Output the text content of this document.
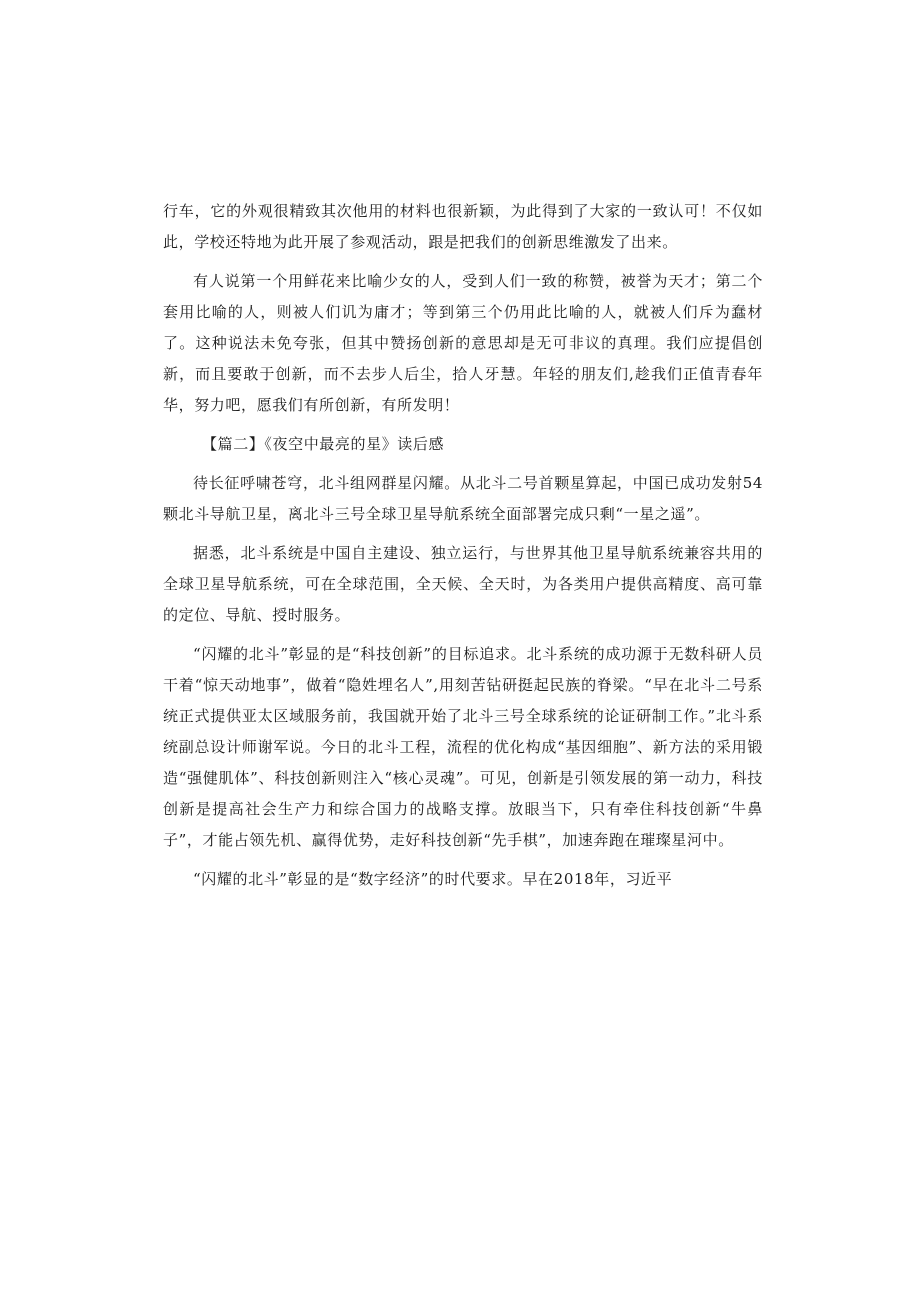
行车，它的外观很精致其次他用的材料也很新颖，为此得到了大家的一致认可！不仅如此，学校还特地为此开展了参观活动，跟是把我们的创新思维激发了出来。

有人说第一个用鲜花来比喻少女的人，受到人们一致的称赞，被誉为天才；第二个套用比喻的人，则被人们讥为庸才；等到第三个仍用此比喻的人，就被人们斥为蠢材了。这种说法未免夸张，但其中赞扬创新的意思却是无可非议的真理。我们应提倡创新，而且要敢于创新，而不去步人后尘，拾人牙慧。年轻的朋友们,趁我们正值青春年华，努力吧，愿我们有所创新，有所发明！

【篇二】《夜空中最亮的星》读后感

待长征呼啸苍穹，北斗组网群星闪耀。从北斗二号首颗星算起，中国已成功发射54颗北斗导航卫星，离北斗三号全球卫星导航系统全面部署完成只剩“一星之遥”。

据悉，北斗系统是中国自主建设、独立运行，与世界其他卫星导航系统兼容共用的全球卫星导航系统，可在全球范围，全天候、全天时，为各类用户提供高精度、高可靠的定位、导航、授时服务。

“闪耀的北斗”彰显的是“科技创新”的目标追求。北斗系统的成功源于无数科研人员干着“惊天动地事”，做着“隐姓埋名人”,用刻苦钻研挺起民族的脊梁。“早在北斗二号系统正式提供亚太区域服务前，我国就开始了北斗三号全球系统的论证研制工作。”北斗系统副总设计师谢军说。今日的北斗工程，流程的优化构成“基因细胞”、新方法的采用锻造“强健肌体”、科技创新则注入“核心灵魂”。可见，创新是引领发展的第一动力，科技创新是提高社会生产力和综合国力的战略支撑。放眼当下，只有牵住科技创新“牛鼻子”，才能占领先机、赢得优势，走好科技创新“先手棋”，加速奔跑在璀璨星河中。

“闪耀的北斗”彰显的是“数字经济”的时代要求。早在2018年，习近平
